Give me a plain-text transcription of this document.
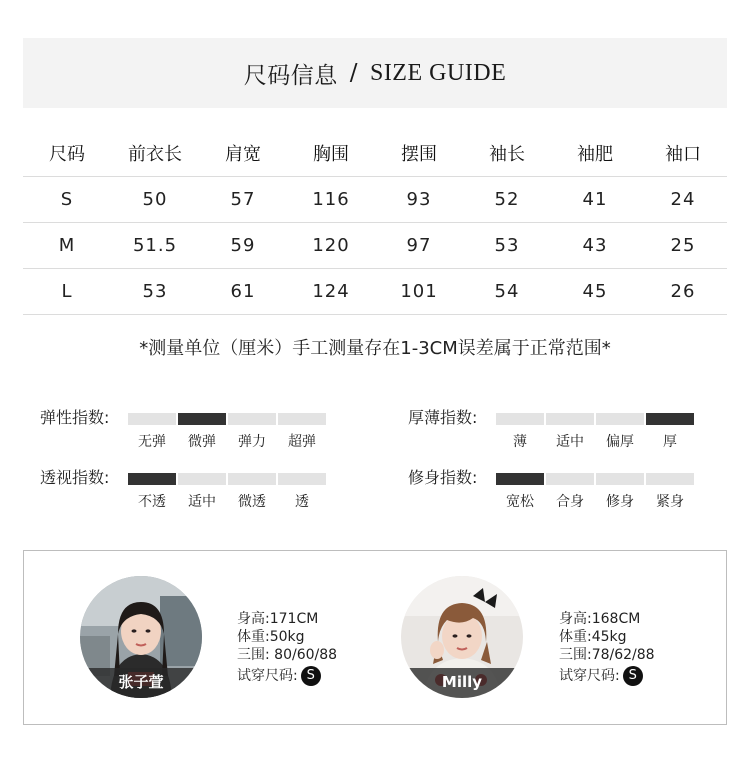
尺码信息 / SIZE GUIDE
尺码	前衣长	肩宽	胸围	摆围	袖长	袖肥	袖口
S	50	57	116	93	52	41	24
M	51.5	59	120	97	53	43	25
L	53	61	124	101	54	45	26
*测量单位（厘米）手工测量存在1-3CM误差属于正常范围*
弹性指数:
无弹	微弹	弹力	超弹
厚薄指数:
薄	适中	偏厚	厚
透视指数:
不透	适中	微透	透
修身指数:
宽松	合身	修身	紧身
张子萱
身高:171CM
体重:50kg
三围: 80/60/88
试穿尺码: S	Milly
身高:168CM
体重:45kg
三围:78/62/88
试穿尺码: S
